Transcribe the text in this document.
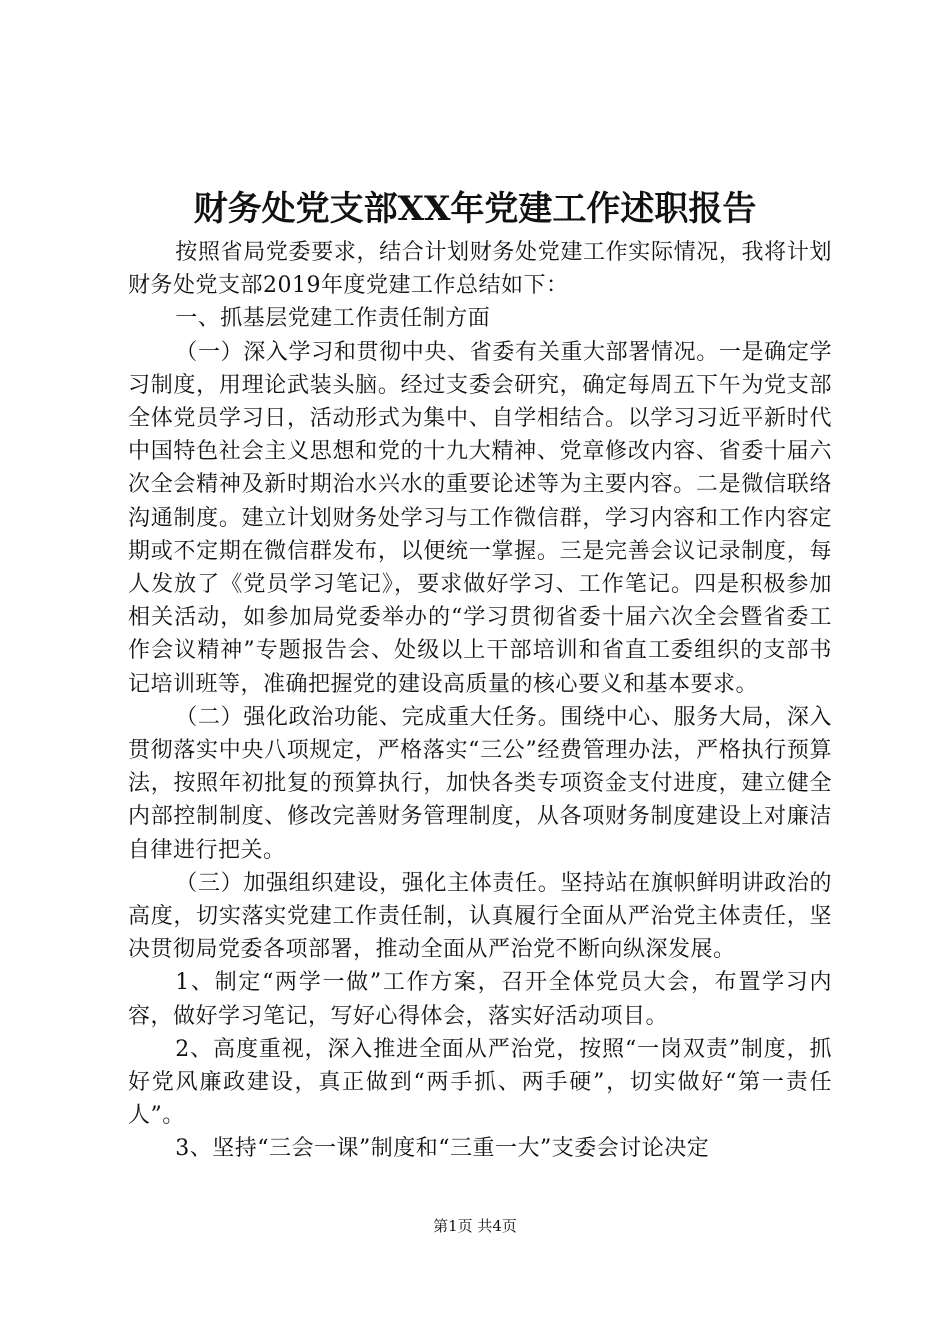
财务处党支部XX年党建工作述职报告

按照省局党委要求，结合计划财务处党建工作实际情况，我将计划财务处党支部2019年度党建工作总结如下：

一、抓基层党建工作责任制方面

（一）深入学习和贯彻中央、省委有关重大部署情况。一是确定学习制度，用理论武装头脑。经过支委会研究，确定每周五下午为党支部全体党员学习日，活动形式为集中、自学相结合。以学习习近平新时代中国特色社会主义思想和党的十九大精神、党章修改内容、省委十届六次全会精神及新时期治水兴水的重要论述等为主要内容。二是微信联络沟通制度。建立计划财务处学习与工作微信群，学习内容和工作内容定期或不定期在微信群发布，以便统一掌握。三是完善会议记录制度，每人发放了《党员学习笔记》，要求做好学习、工作笔记。四是积极参加相关活动，如参加局党委举办的“学习贯彻省委十届六次全会暨省委工作会议精神”专题报告会、处级以上干部培训和省直工委组织的支部书记培训班等，准确把握党的建设高质量的核心要义和基本要求。

（二）强化政治功能、完成重大任务。围绕中心、服务大局，深入贯彻落实中央八项规定，严格落实“三公”经费管理办法，严格执行预算法，按照年初批复的预算执行，加快各类专项资金支付进度，建立健全内部控制制度、修改完善财务管理制度，从各项财务制度建设上对廉洁自律进行把关。

（三）加强组织建设，强化主体责任。坚持站在旗帜鲜明讲政治的高度，切实落实党建工作责任制，认真履行全面从严治党主体责任，坚决贯彻局党委各项部署，推动全面从严治党不断向纵深发展。

1、制定“两学一做”工作方案，召开全体党员大会，布置学习内容，做好学习笔记，写好心得体会，落实好活动项目。

2、高度重视，深入推进全面从严治党，按照“一岗双责”制度，抓好党风廉政建设，真正做到“两手抓、两手硬”，切实做好“第一责任人”。

3、坚持“三会一课”制度和“三重一大”支委会讨论决定

第1页 共4页
